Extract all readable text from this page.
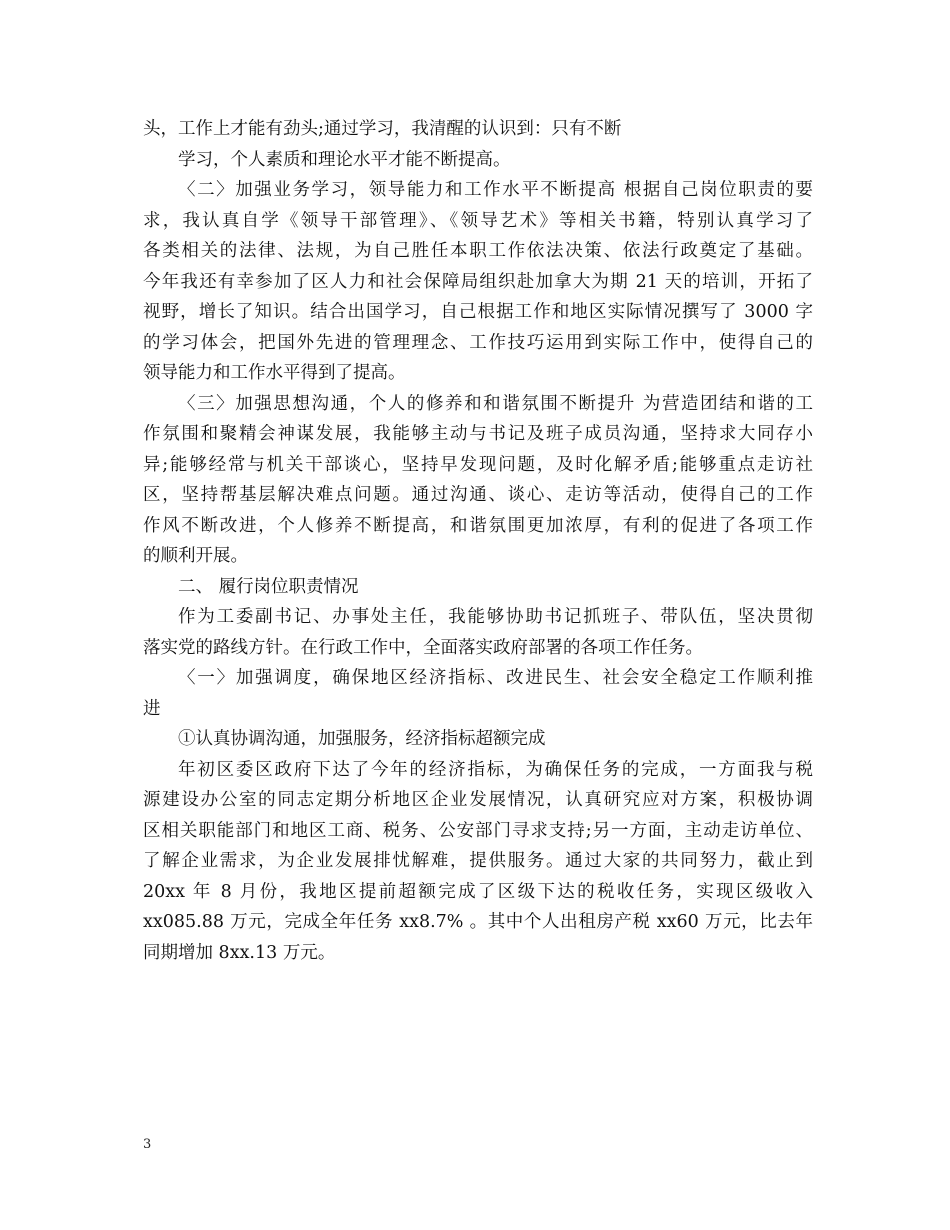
头，工作上才能有劲头;通过学习，我清醒的认识到：只有不断
学习，个人素质和理论水平才能不断提高。
〈二〉加强业务学习，领导能力和工作水平不断提高 根据自己岗位职责的要
求，我认真自学《领导干部管理》、《领导艺术》等相关书籍，特别认真学习了
各类相关的法律、法规，为自己胜任本职工作依法决策、依法行政奠定了基础。
今年我还有幸参加了区人力和社会保障局组织赴加拿大为期 21 天的培训，开拓了
视野，增长了知识。结合出国学习，自己根据工作和地区实际情况撰写了 3000 字
的学习体会，把国外先进的管理理念、工作技巧运用到实际工作中，使得自己的
领导能力和工作水平得到了提高。
〈三〉加强思想沟通，个人的修养和和谐氛围不断提升 为营造团结和谐的工
作氛围和聚精会神谋发展，我能够主动与书记及班子成员沟通，坚持求大同存小
异;能够经常与机关干部谈心，坚持早发现问题，及时化解矛盾;能够重点走访社
区，坚持帮基层解决难点问题。通过沟通、谈心、走访等活动，使得自己的工作
作风不断改进，个人修养不断提高，和谐氛围更加浓厚，有利的促进了各项工作
的顺利开展。
二、 履行岗位职责情况
作为工委副书记、办事处主任，我能够协助书记抓班子、带队伍，坚决贯彻
落实党的路线方针。在行政工作中，全面落实政府部署的各项工作任务。
〈一〉加强调度，确保地区经济指标、改进民生、社会安全稳定工作顺利推
进
①认真协调沟通，加强服务，经济指标超额完成
年初区委区政府下达了今年的经济指标，为确保任务的完成，一方面我与税
源建设办公室的同志定期分析地区企业发展情况，认真研究应对方案，积极协调
区相关职能部门和地区工商、税务、公安部门寻求支持;另一方面，主动走访单位、
了解企业需求，为企业发展排忧解难，提供服务。通过大家的共同努力，截止到
20xx 年 8 月份，我地区提前超额完成了区级下达的税收任务，实现区级收入
xx085.88 万元，完成全年任务 xx8.7% 。其中个人出租房产税 xx60 万元，比去年
同期增加 8xx.13 万元。
3
